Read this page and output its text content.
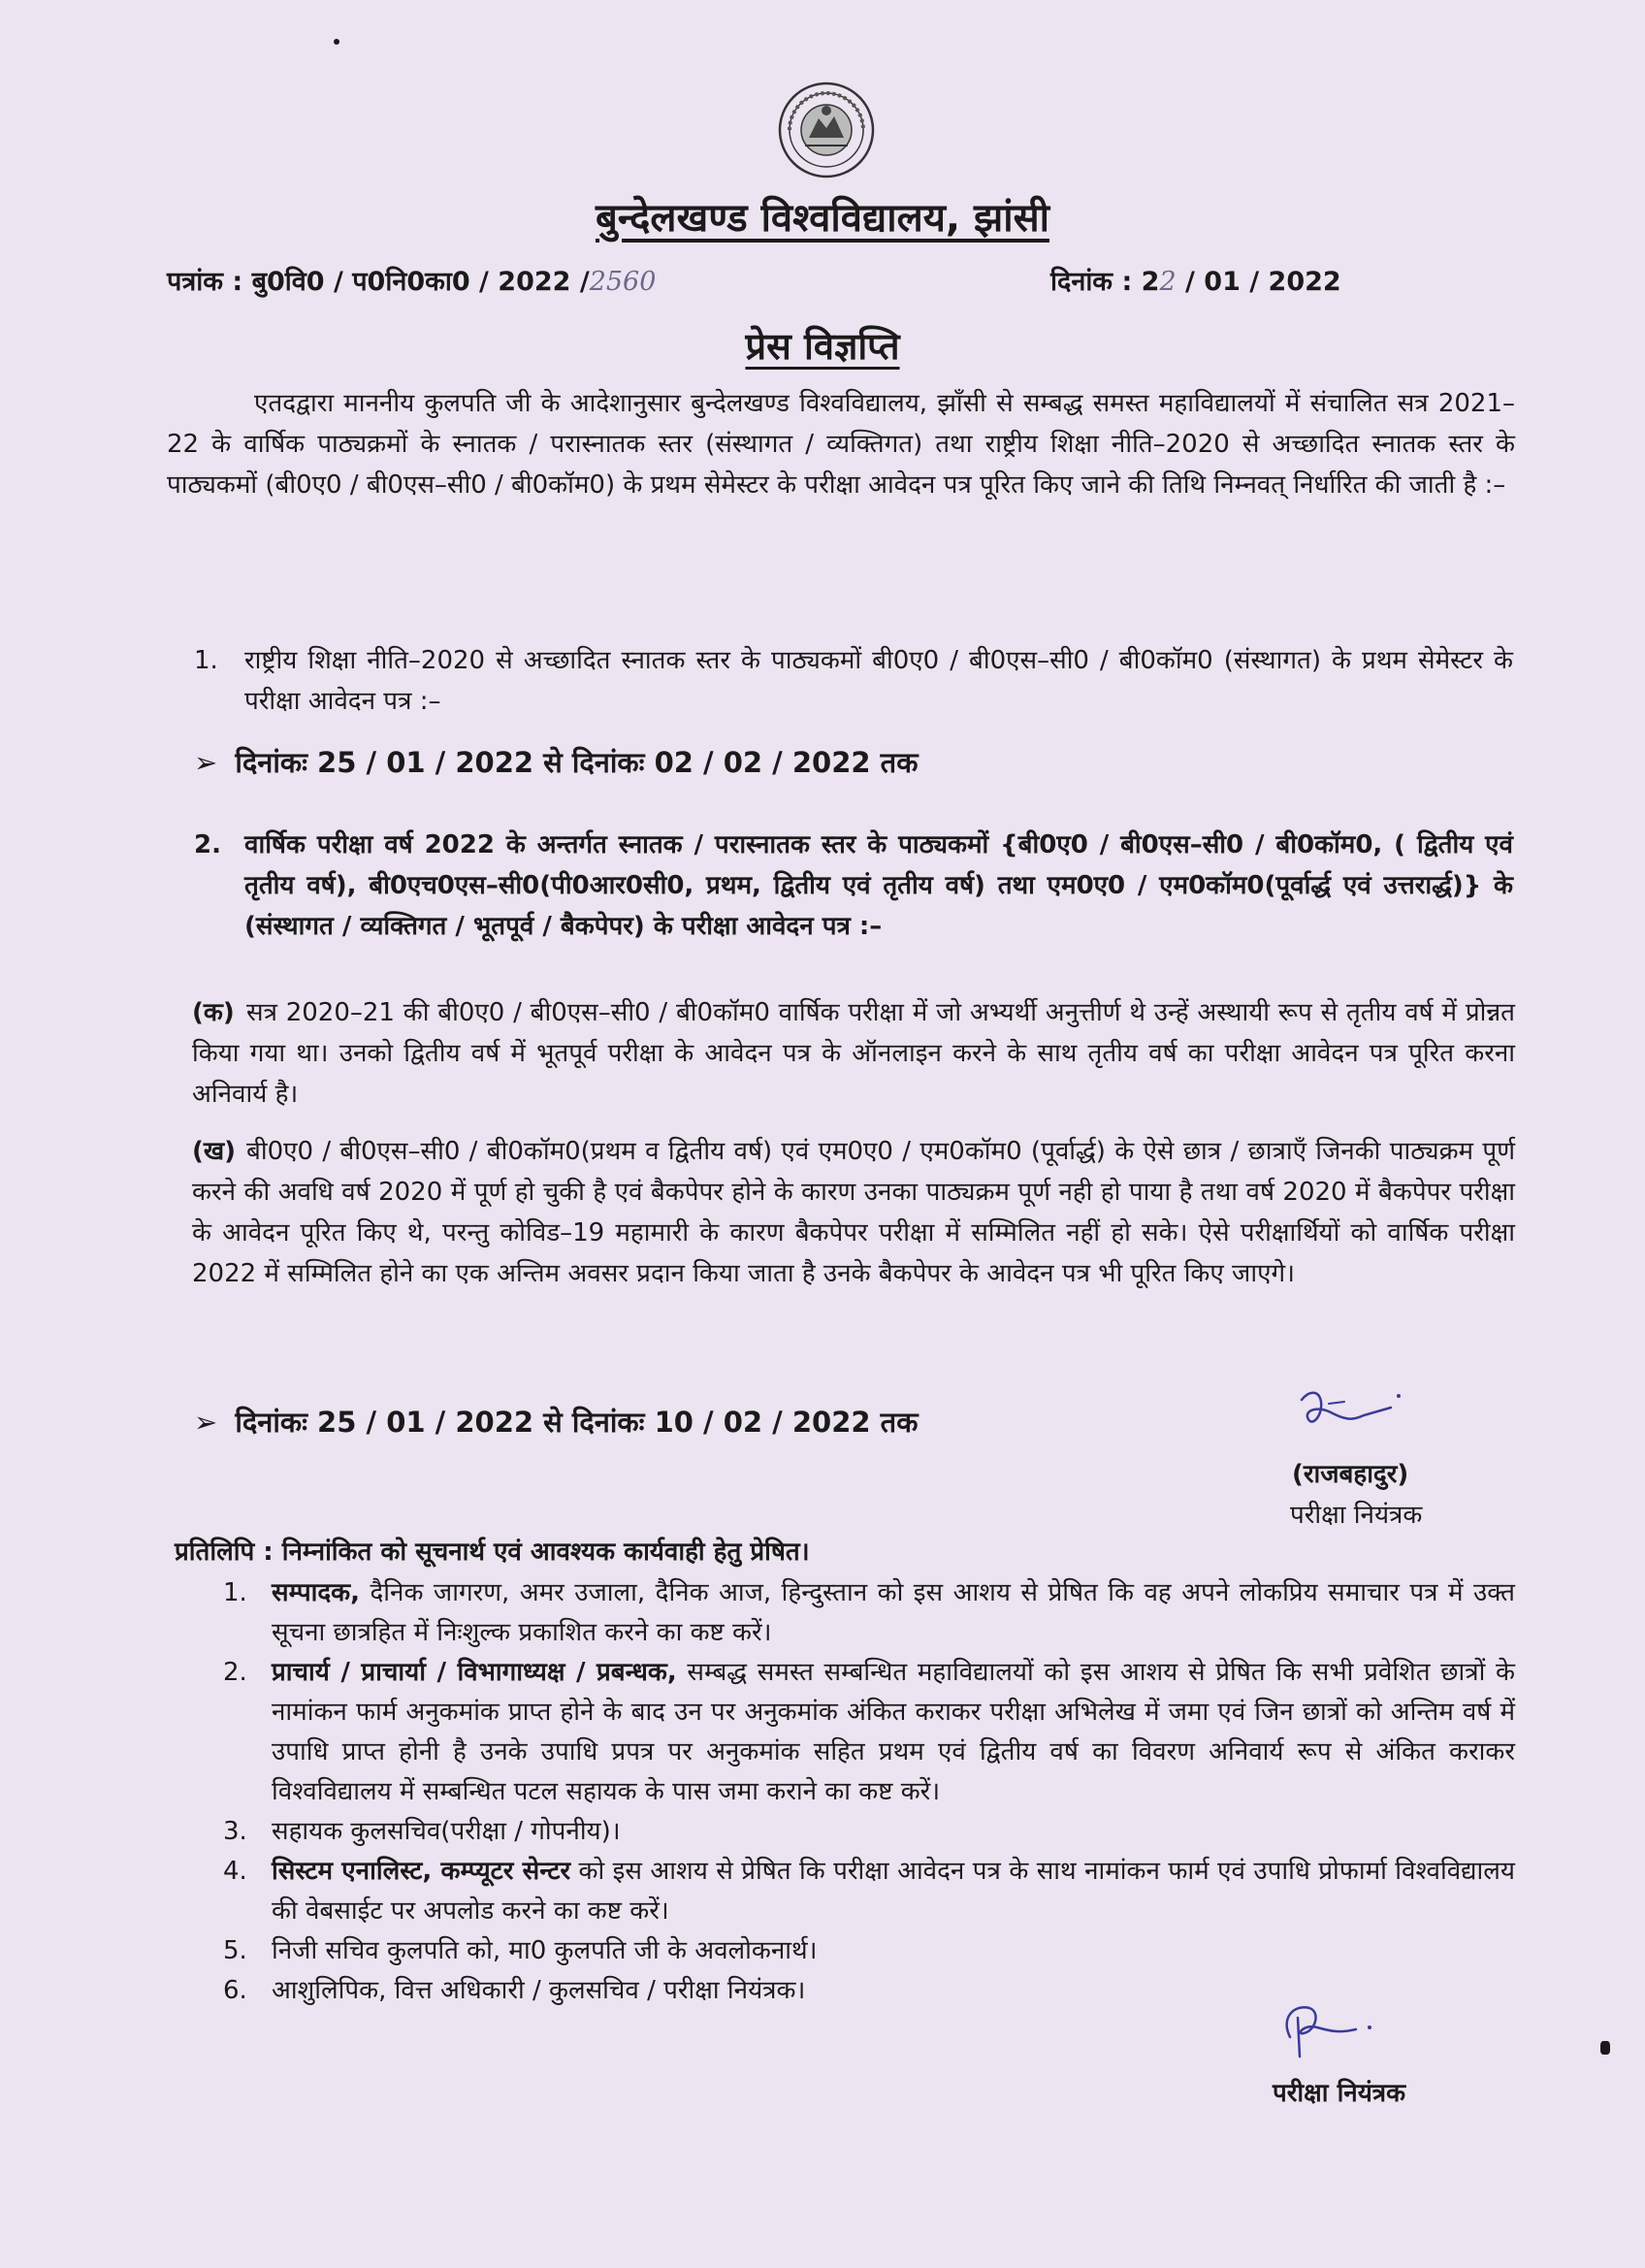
बुन्देलखण्ड विश्वविद्यालय, झांसी
पत्रांक : बु0वि0 / प0नि0का0 / 2022 /2560	दिनांक : 22 / 01 / 2022
प्रेस विज्ञप्ति
एतदद्वारा माननीय कुलपति जी के आदेशानुसार बुन्देलखण्ड विश्वविद्यालय, झाँसी से सम्बद्ध समस्त महाविद्यालयों में संचालित सत्र 2021–22 के वार्षिक पाठ्यक्रमों के स्नातक / परास्नातक स्तर (संस्थागत / व्यक्तिगत) तथा राष्ट्रीय शिक्षा नीति–2020 से अच्छादित स्नातक स्तर के पाठ्यकमों (बी0ए0 / बी0एस–सी0 / बी0कॉम0) के प्रथम सेमेस्टर के परीक्षा आवेदन पत्र पूरित किए जाने की तिथि निम्नवत् निर्धारित की जाती है :–
1. राष्ट्रीय शिक्षा नीति–2020 से अच्छादित स्नातक स्तर के पाठ्यकमों बी0ए0 / बी0एस–सी0 / बी0कॉम0 (संस्थागत) के प्रथम सेमेस्टर के परीक्षा आवेदन पत्र :–
➢ दिनांकः 25 / 01 / 2022 से दिनांकः 02 / 02 / 2022 तक
2. वार्षिक परीक्षा वर्ष 2022 के अन्तर्गत स्नातक / परास्नातक स्तर के पाठ्यकमों {बी0ए0 / बी0एस–सी0 / बी0कॉम0, ( द्वितीय एवं तृतीय वर्ष), बी0एच0एस–सी0(पी0आर0सी0, प्रथम, द्वितीय एवं तृतीय वर्ष) तथा एम0ए0 / एम0कॉम0(पूर्वार्द्ध एवं उत्तरार्द्ध)} के (संस्थागत / व्यक्तिगत / भूतपूर्व / बैकपेपर) के परीक्षा आवेदन पत्र :–
(क) सत्र 2020–21 की बी0ए0 / बी0एस–सी0 / बी0कॉम0 वार्षिक परीक्षा में जो अभ्यर्थी अनुत्तीर्ण थे उन्हें अस्थायी रूप से तृतीय वर्ष में प्रोन्नत किया गया था। उनको द्वितीय वर्ष में भूतपूर्व परीक्षा के आवेदन पत्र के ऑनलाइन करने के साथ तृतीय वर्ष का परीक्षा आवेदन पत्र पूरित करना अनिवार्य है।
(ख) बी0ए0 / बी0एस–सी0 / बी0कॉम0(प्रथम व द्वितीय वर्ष) एवं एम0ए0 / एम0कॉम0 (पूर्वार्द्ध) के ऐसे छात्र / छात्राएँ जिनकी पाठ्यक्रम पूर्ण करने की अवधि वर्ष 2020 में पूर्ण हो चुकी है एवं बैकपेपर होने के कारण उनका पाठ्यक्रम पूर्ण नही हो पाया है तथा वर्ष 2020 में बैकपेपर परीक्षा के आवेदन पूरित किए थे, परन्तु कोविड–19 महामारी के कारण बैकपेपर परीक्षा में सम्मिलित नहीं हो सके। ऐसे परीक्षार्थियों को वार्षिक परीक्षा 2022 में सम्मिलित होने का एक अन्तिम अवसर प्रदान किया जाता है उनके बैकपेपर के आवेदन पत्र भी पूरित किए जाएगे।
➢ दिनांकः 25 / 01 / 2022 से दिनांकः 10 / 02 / 2022 तक
(राजबहादुर)
परीक्षा नियंत्रक
प्रतिलिपि : निम्नांकित को सूचनार्थ एवं आवश्यक कार्यवाही हेतु प्रेषित।
1. सम्पादक, दैनिक जागरण, अमर उजाला, दैनिक आज, हिन्दुस्तान को इस आशय से प्रेषित कि वह अपने लोकप्रिय समाचार पत्र में उक्त सूचना छात्रहित में निःशुल्क प्रकाशित करने का कष्ट करें।
2. प्राचार्य / प्राचार्या / विभागाध्यक्ष / प्रबन्धक, सम्बद्ध समस्त सम्बन्धित महाविद्यालयों को इस आशय से प्रेषित कि सभी प्रवेशित छात्रों के नामांकन फार्म अनुकमांक प्राप्त होने के बाद उन पर अनुकमांक अंकित कराकर परीक्षा अभिलेख में जमा एवं जिन छात्रों को अन्तिम वर्ष में उपाधि प्राप्त होनी है उनके उपाधि प्रपत्र पर अनुकमांक सहित प्रथम एवं द्वितीय वर्ष का विवरण अनिवार्य रूप से अंकित कराकर विश्वविद्यालय में सम्बन्धित पटल सहायक के पास जमा कराने का कष्ट करें।
3. सहायक कुलसचिव(परीक्षा / गोपनीय)।
4. सिस्टम एनालिस्ट, कम्प्यूटर सेन्टर को इस आशय से प्रेषित कि परीक्षा आवेदन पत्र के साथ नामांकन फार्म एवं उपाधि प्रोफार्मा विश्वविद्यालय की वेबसाईट पर अपलोड करने का कष्ट करें।
5. निजी सचिव कुलपति को, मा0 कुलपति जी के अवलोकनार्थ।
6. आशुलिपिक, वित्त अधिकारी / कुलसचिव / परीक्षा नियंत्रक।
परीक्षा नियंत्रक
